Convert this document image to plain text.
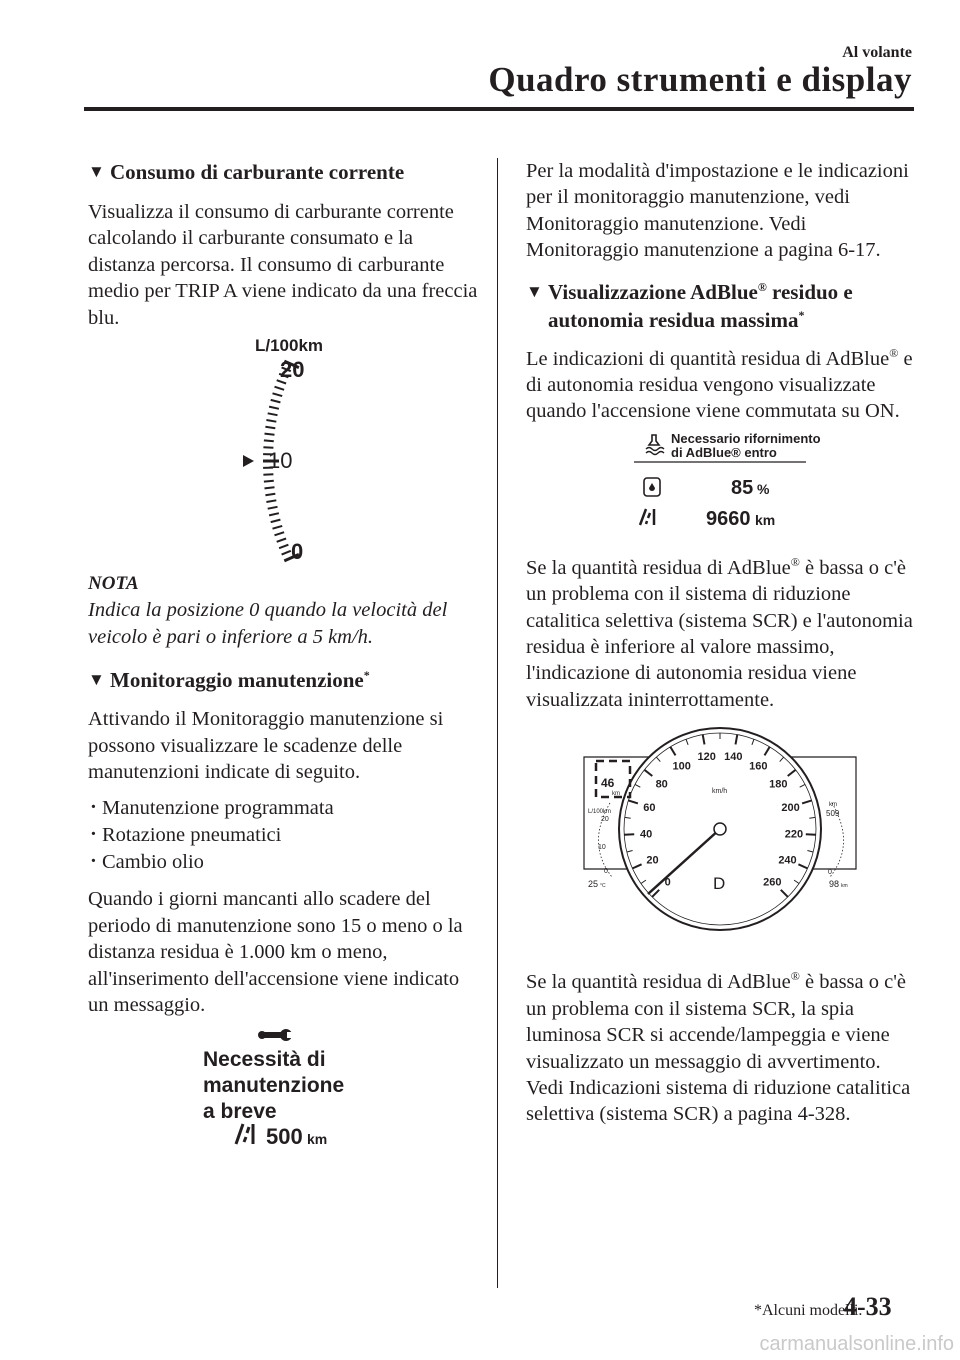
Al volante
Quadro strumenti e display
▼ Consumo di carburante corrente

Visualizza il consumo di carburante corrente calcolando il carburante consumato e la distanza percorsa. Il consumo di carburante medio per TRIP A viene indicato da una freccia blu.

L/100km
20
10
0

NOTA

Indica la posizione 0 quando la velocità del veicolo è pari o inferiore a 5 km/h.

▼ Monitoraggio manutenzione*

Attivando il Monitoraggio manutenzione si possono visualizzare le scadenze delle manutenzioni indicate di seguito.

· Manutenzione programmata
· Rotazione pneumatici
· Cambio olio

Quando i giorni mancanti allo scadere del periodo di manutenzione sono 15 o meno o la distanza residua è 1.000 km o meno, all'inserimento dell'accensione viene indicato un messaggio.

Necessità di
manutenzione
a breve
500 km

Per la modalità d'impostazione e le indicazioni per il monitoraggio manutenzione, vedi Monitoraggio manutenzione. Vedi Monitoraggio manutenzione a pagina 6-17.

▼ Visualizzazione AdBlue® residuo e
autonomia residua massima*

Le indicazioni di quantità residua di AdBlue® e di autonomia residua vengono visualizzate quando l'accensione viene commutata su ON.

Necessario rifornimento
di AdBlue® entro
85 %
9660 km

Se la quantità residua di AdBlue® è bassa o c'è un problema con il sistema di riduzione catalitica selettiva (sistema SCR) e l'autonomia residua è inferiore al valore massimo, l'indicazione di autonomia residua viene visualizzata ininterrottamente.

0
20
40
60
80
100
120 140
160
180
200
220
240
260
km/h
D
46
km
L/100km
20
10
0
25 °C
km
509
0
98 km

Se la quantità residua di AdBlue® è bassa o c'è un problema con il sistema SCR, la spia luminosa SCR si accende/lampeggia e viene visualizzato un messaggio di avvertimento.

Vedi Indicazioni sistema di riduzione catalitica selettiva (sistema SCR) a pagina 4-328.

*Alcuni modelli.
4-33
carmanualsonline.info
